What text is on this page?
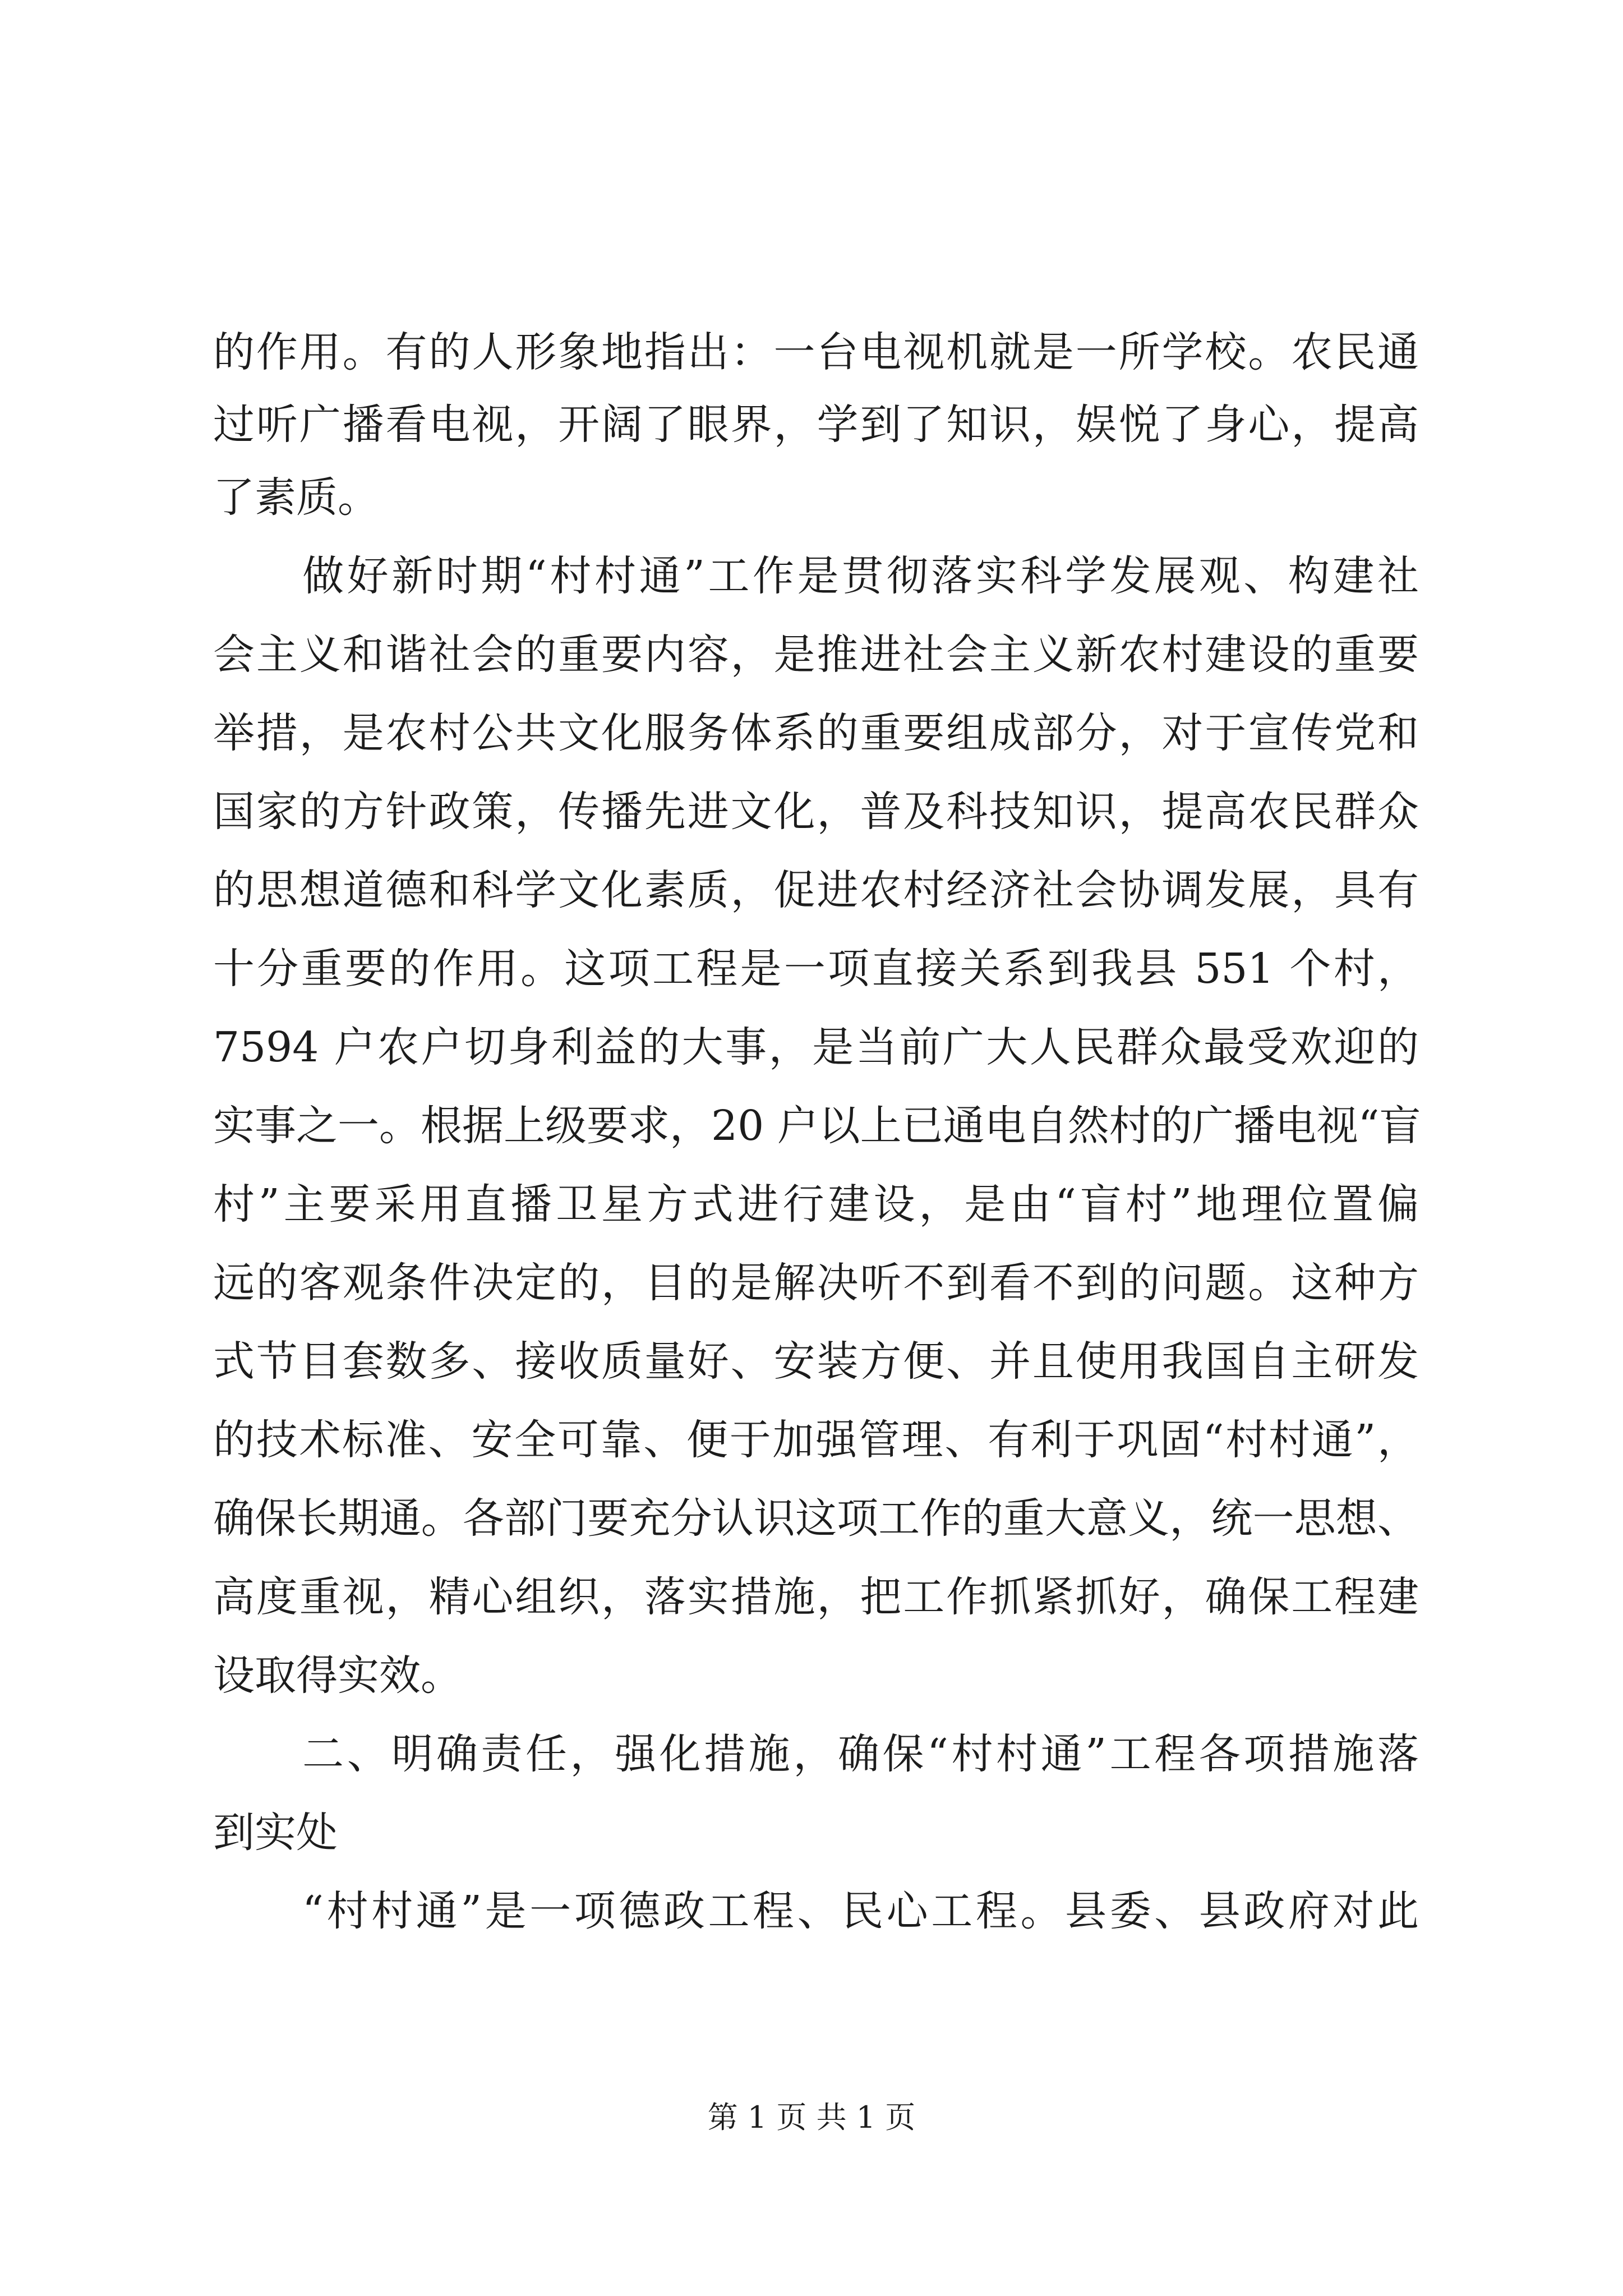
的作用。有的人形象地指出：一台电视机就是一所学校。农民通
过听广播看电视，开阔了眼界，学到了知识，娱悦了身心，提高
了素质。
　　做好新时期“村村通”工作是贯彻落实科学发展观、构建社
会主义和谐社会的重要内容，是推进社会主义新农村建设的重要
举措，是农村公共文化服务体系的重要组成部分，对于宣传党和
国家的方针政策，传播先进文化，普及科技知识，提高农民群众
的思想道德和科学文化素质，促进农村经济社会协调发展，具有
十分重要的作用。这项工程是一项直接关系到我县 551 个村，
7594 户农户切身利益的大事，是当前广大人民群众最受欢迎的
实事之一。根据上级要求，20 户以上已通电自然村的广播电视“盲
村”主要采用直播卫星方式进行建设，是由“盲村”地理位置偏
远的客观条件决定的，目的是解决听不到看不到的问题。这种方
式节目套数多、接收质量好、安装方便、并且使用我国自主研发
的技术标准、安全可靠、便于加强管理、有利于巩固“村村通”，
确保长期通。各部门要充分认识这项工作的重大意义，统一思想、
高度重视，精心组织，落实措施，把工作抓紧抓好，确保工程建
设取得实效。
　　二、明确责任，强化措施，确保“村村通”工程各项措施落
到实处
　　“村村通”是一项德政工程、民心工程。县委、县政府对此
第 1 页 共 1 页
